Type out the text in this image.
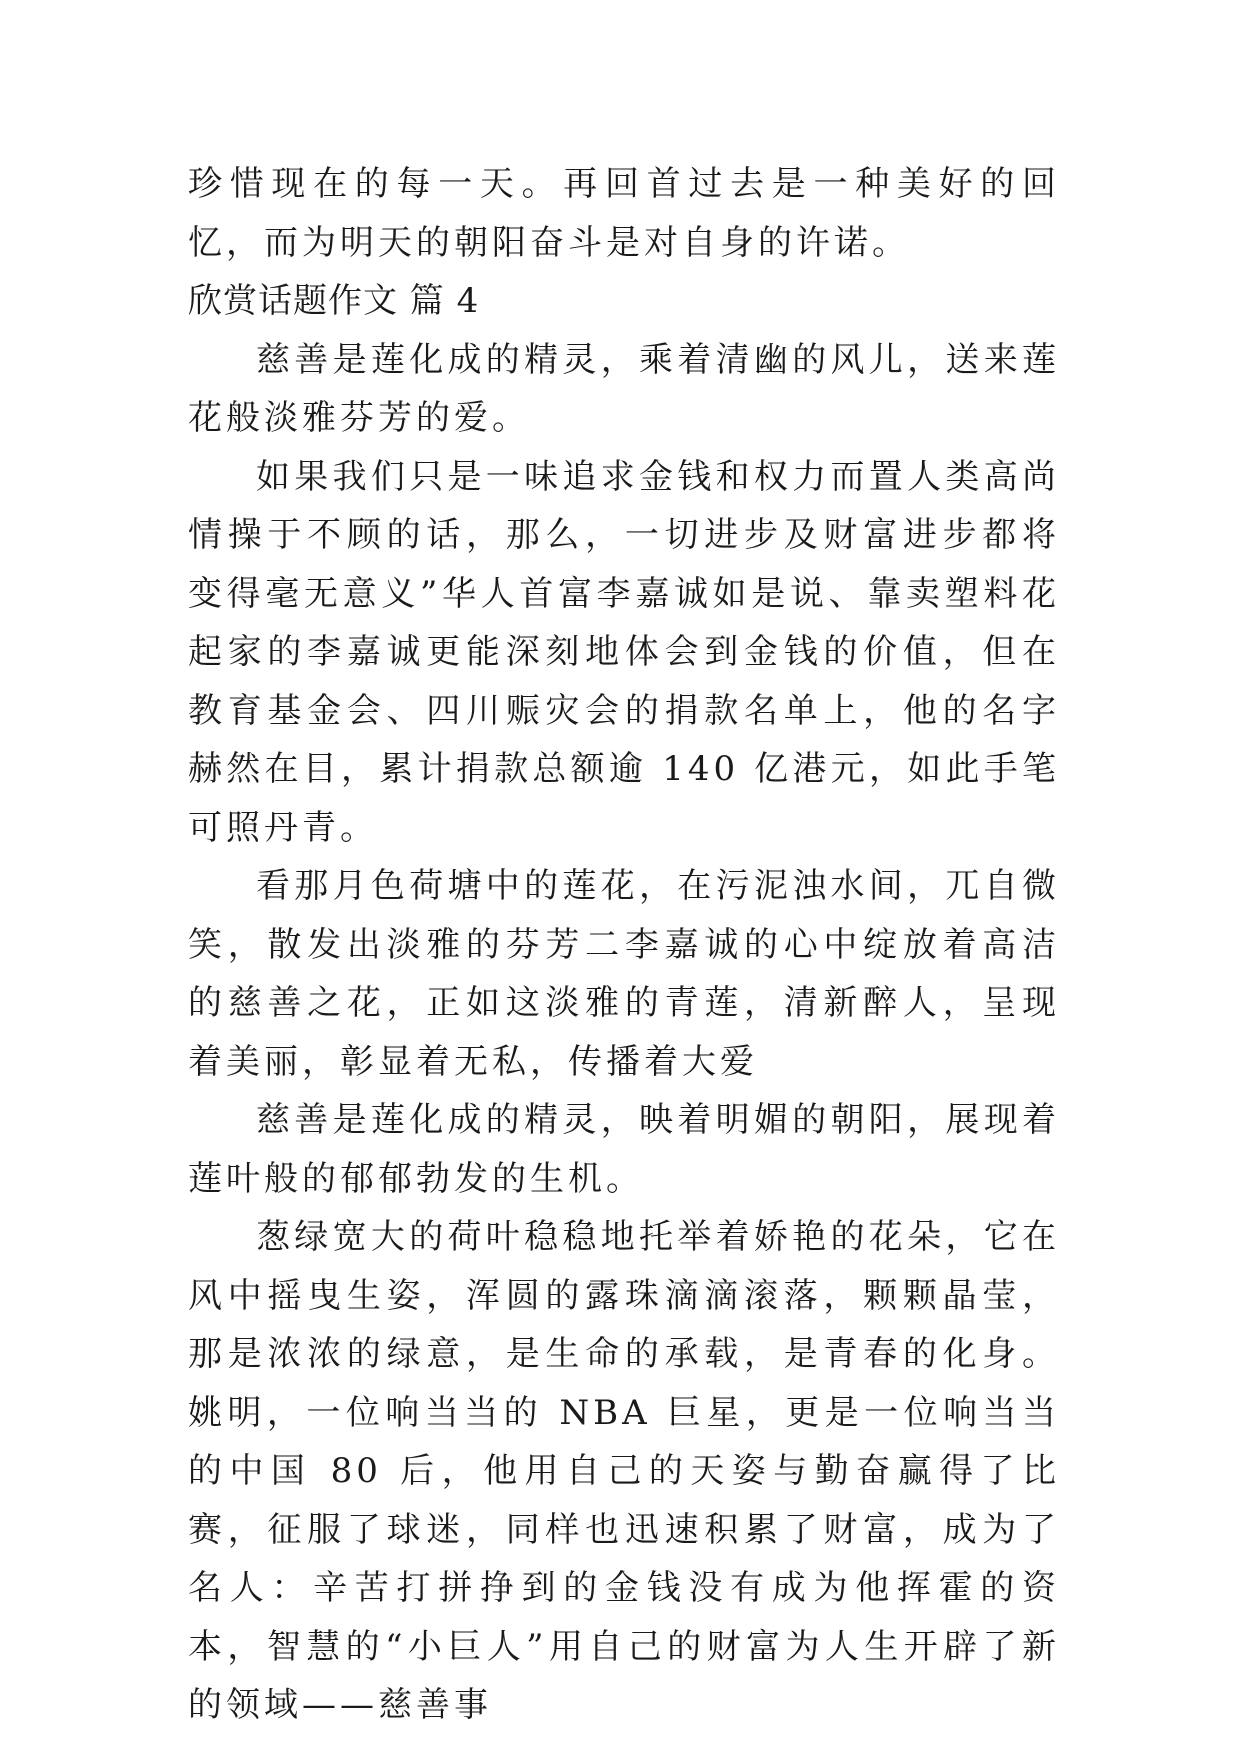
珍惜现在的每一天。再回首过去是一种美好的回忆，而为明天的朝阳奋斗是对自身的许诺。

欣赏话题作文 篇 4

慈善是莲化成的精灵，乘着清幽的风儿，送来莲花般淡雅芬芳的爱。

如果我们只是一味追求金钱和权力而置人类高尚情操于不顾的话，那么，一切进步及财富进步都将变得毫无意义”华人首富李嘉诚如是说、靠卖塑料花起家的李嘉诚更能深刻地体会到金钱的价值，但在教育基金会、四川赈灾会的捐款名单上，他的名字赫然在目，累计捐款总额逾 140 亿港元，如此手笔可照丹青。

看那月色荷塘中的莲花，在污泥浊水间，兀自微笑，散发出淡雅的芬芳二李嘉诚的心中绽放着高洁的慈善之花，正如这淡雅的青莲，清新醉人，呈现着美丽，彰显着无私，传播着大爱

慈善是莲化成的精灵，映着明媚的朝阳，展现着莲叶般的郁郁勃发的生机。

葱绿宽大的荷叶稳稳地托举着娇艳的花朵，它在风中摇曳生姿，浑圆的露珠滴滴滚落，颗颗晶莹，那是浓浓的绿意，是生命的承载，是青春的化身。姚明，一位响当当的 NBA 巨星，更是一位响当当的中国 80 后，他用自己的天姿与勤奋赢得了比赛，征服了球迷，同样也迅速积累了财富，成为了名人：辛苦打拼挣到的金钱没有成为他挥霍的资本，智慧的“小巨人”用自己的财富为人生开辟了新的领域——慈善事
